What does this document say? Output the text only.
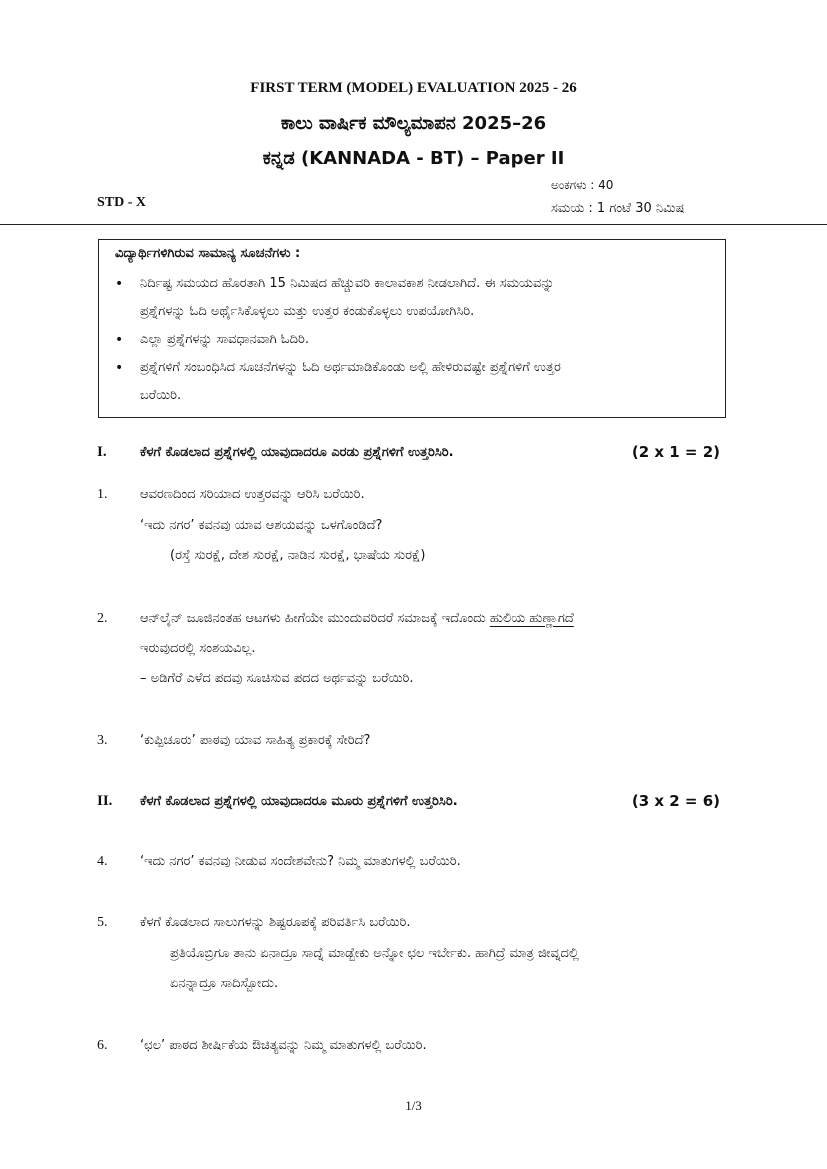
FIRST TERM (MODEL) EVALUATION 2025 - 26
ಕಾಲು ವಾರ್ಷಿಕ ಮೌಲ್ಯಮಾಪನ 2025–26
ಕನ್ನಡ (KANNADA - BT) – Paper II
STD - X
ಅಂಕಗಳು : 40
ಸಮಯ : 1 ಗಂಟೆ 30 ನಿಮಿಷ
ವಿದ್ಯಾರ್ಥಿಗಳಿಗಿರುವ ಸಾಮಾನ್ಯ ಸೂಚನೆಗಳು :
• ನಿರ್ದಿಷ್ಟ ಸಮಯದ ಹೊರತಾಗಿ 15 ನಿಮಿಷದ ಹೆಚ್ಚುವರಿ ಕಾಲಾವಕಾಶ ನೀಡಲಾಗಿದೆ. ಈ ಸಮಯವನ್ನು
ಪ್ರಶ್ನೆಗಳನ್ನು ಓದಿ ಅರ್ಥೈಸಿಕೊಳ್ಳಲು ಮತ್ತು ಉತ್ತರ ಕಂಡುಕೊಳ್ಳಲು ಉಪಯೋಗಿಸಿರಿ.
• ಎಲ್ಲಾ ಪ್ರಶ್ನೆಗಳನ್ನು ಸಾವಧಾನವಾಗಿ ಓದಿರಿ.
• ಪ್ರಶ್ನೆಗಳಿಗೆ ಸಂಬಂಧಿಸಿದ ಸೂಚನೆಗಳನ್ನು ಓದಿ ಅರ್ಥಮಾಡಿಕೊಂಡು ಅಲ್ಲಿ ಹೇಳಿರುವಷ್ಟೇ ಪ್ರಶ್ನೆಗಳಿಗೆ ಉತ್ತರ
ಬರೆಯಿರಿ.
I.	ಕೆಳಗೆ ಕೊಡಲಾದ ಪ್ರಶ್ನೆಗಳಲ್ಲಿ ಯಾವುದಾದರೂ ಎರಡು ಪ್ರಶ್ನೆಗಳಿಗೆ ಉತ್ತರಿಸಿರಿ.	(2 x 1 = 2)
1.	ಆವರಣದಿಂದ ಸರಿಯಾದ ಉತ್ತರವನ್ನು ಆರಿಸಿ ಬರೆಯಿರಿ.
‘ಇದು ನಗರ’ ಕವನವು ಯಾವ ಆಶಯವನ್ನು ಒಳಗೊಂಡಿದೆ?
(ರಸ್ತೆ ಸುರಕ್ಷೆ, ದೇಶ ಸುರಕ್ಷೆ, ನಾಡಿನ ಸುರಕ್ಷೆ, ಭಾಷೆಯ ಸುರಕ್ಷೆ)
2.	ಆನ್‌ಲೈನ್ ಜೂಜಿನಂತಹ ಆಟಗಳು ಹೀಗೆಯೇ ಮುಂದುವರಿದರೆ ಸಮಾಜಕ್ಕೆ ಇದೊಂದು ಹುಲಿಯ ಹುಣ್ಣಾಗದೆ
ಇರುವುದರಲ್ಲಿ ಸಂಶಯವಿಲ್ಲ.
– ಅಡಿಗೆರೆ ಎಳೆದ ಪದವು ಸೂಚಿಸುವ ಪದದ ಅರ್ಥವನ್ನು ಬರೆಯಿರಿ.
3.	‘ಕುಪ್ಪಿಚೂರು’ ಪಾಠವು ಯಾವ ಸಾಹಿತ್ಯ ಪ್ರಕಾರಕ್ಕೆ ಸೇರಿದೆ?
II. ಕೆಳಗೆ ಕೊಡಲಾದ ಪ್ರಶ್ನೆಗಳಲ್ಲಿ ಯಾವುದಾದರೂ ಮೂರು ಪ್ರಶ್ನೆಗಳಿಗೆ ಉತ್ತರಿಸಿರಿ.	(3 x 2 = 6)
4.	‘ಇದು ನಗರ’ ಕವನವು ನೀಡುವ ಸಂದೇಶವೇನು? ನಿಮ್ಮ ಮಾತುಗಳಲ್ಲಿ ಬರೆಯಿರಿ.
5.	ಕೆಳಗೆ ಕೊಡಲಾದ ಸಾಲುಗಳನ್ನು ಶಿಷ್ಟರೂಪಕ್ಕೆ ಪರಿವರ್ತಿಸಿ ಬರೆಯಿರಿ.
ಪ್ರತಿಯೊಬ್ರಿಗೂ ತಾನು ಏನಾದ್ರೂ ಸಾದ್ನೆ ಮಾಡ್ಬೇಕು ಅನ್ನೋ ಛಲ ಇರ್ಬೇಕು. ಹಾಗಿದ್ರೆ ಮಾತ್ರ ಜೀವ್ನದಲ್ಲಿ
ಏನನ್ನಾದ್ರೂ ಸಾದಿಸ್ಬೋದು.
6.	‘ಛಲ’ ಪಾಠದ ಶೀರ್ಷಿಕೆಯ ಔಚಿತ್ಯವನ್ನು ನಿಮ್ಮ ಮಾತುಗಳಲ್ಲಿ ಬರೆಯಿರಿ.
1/3
